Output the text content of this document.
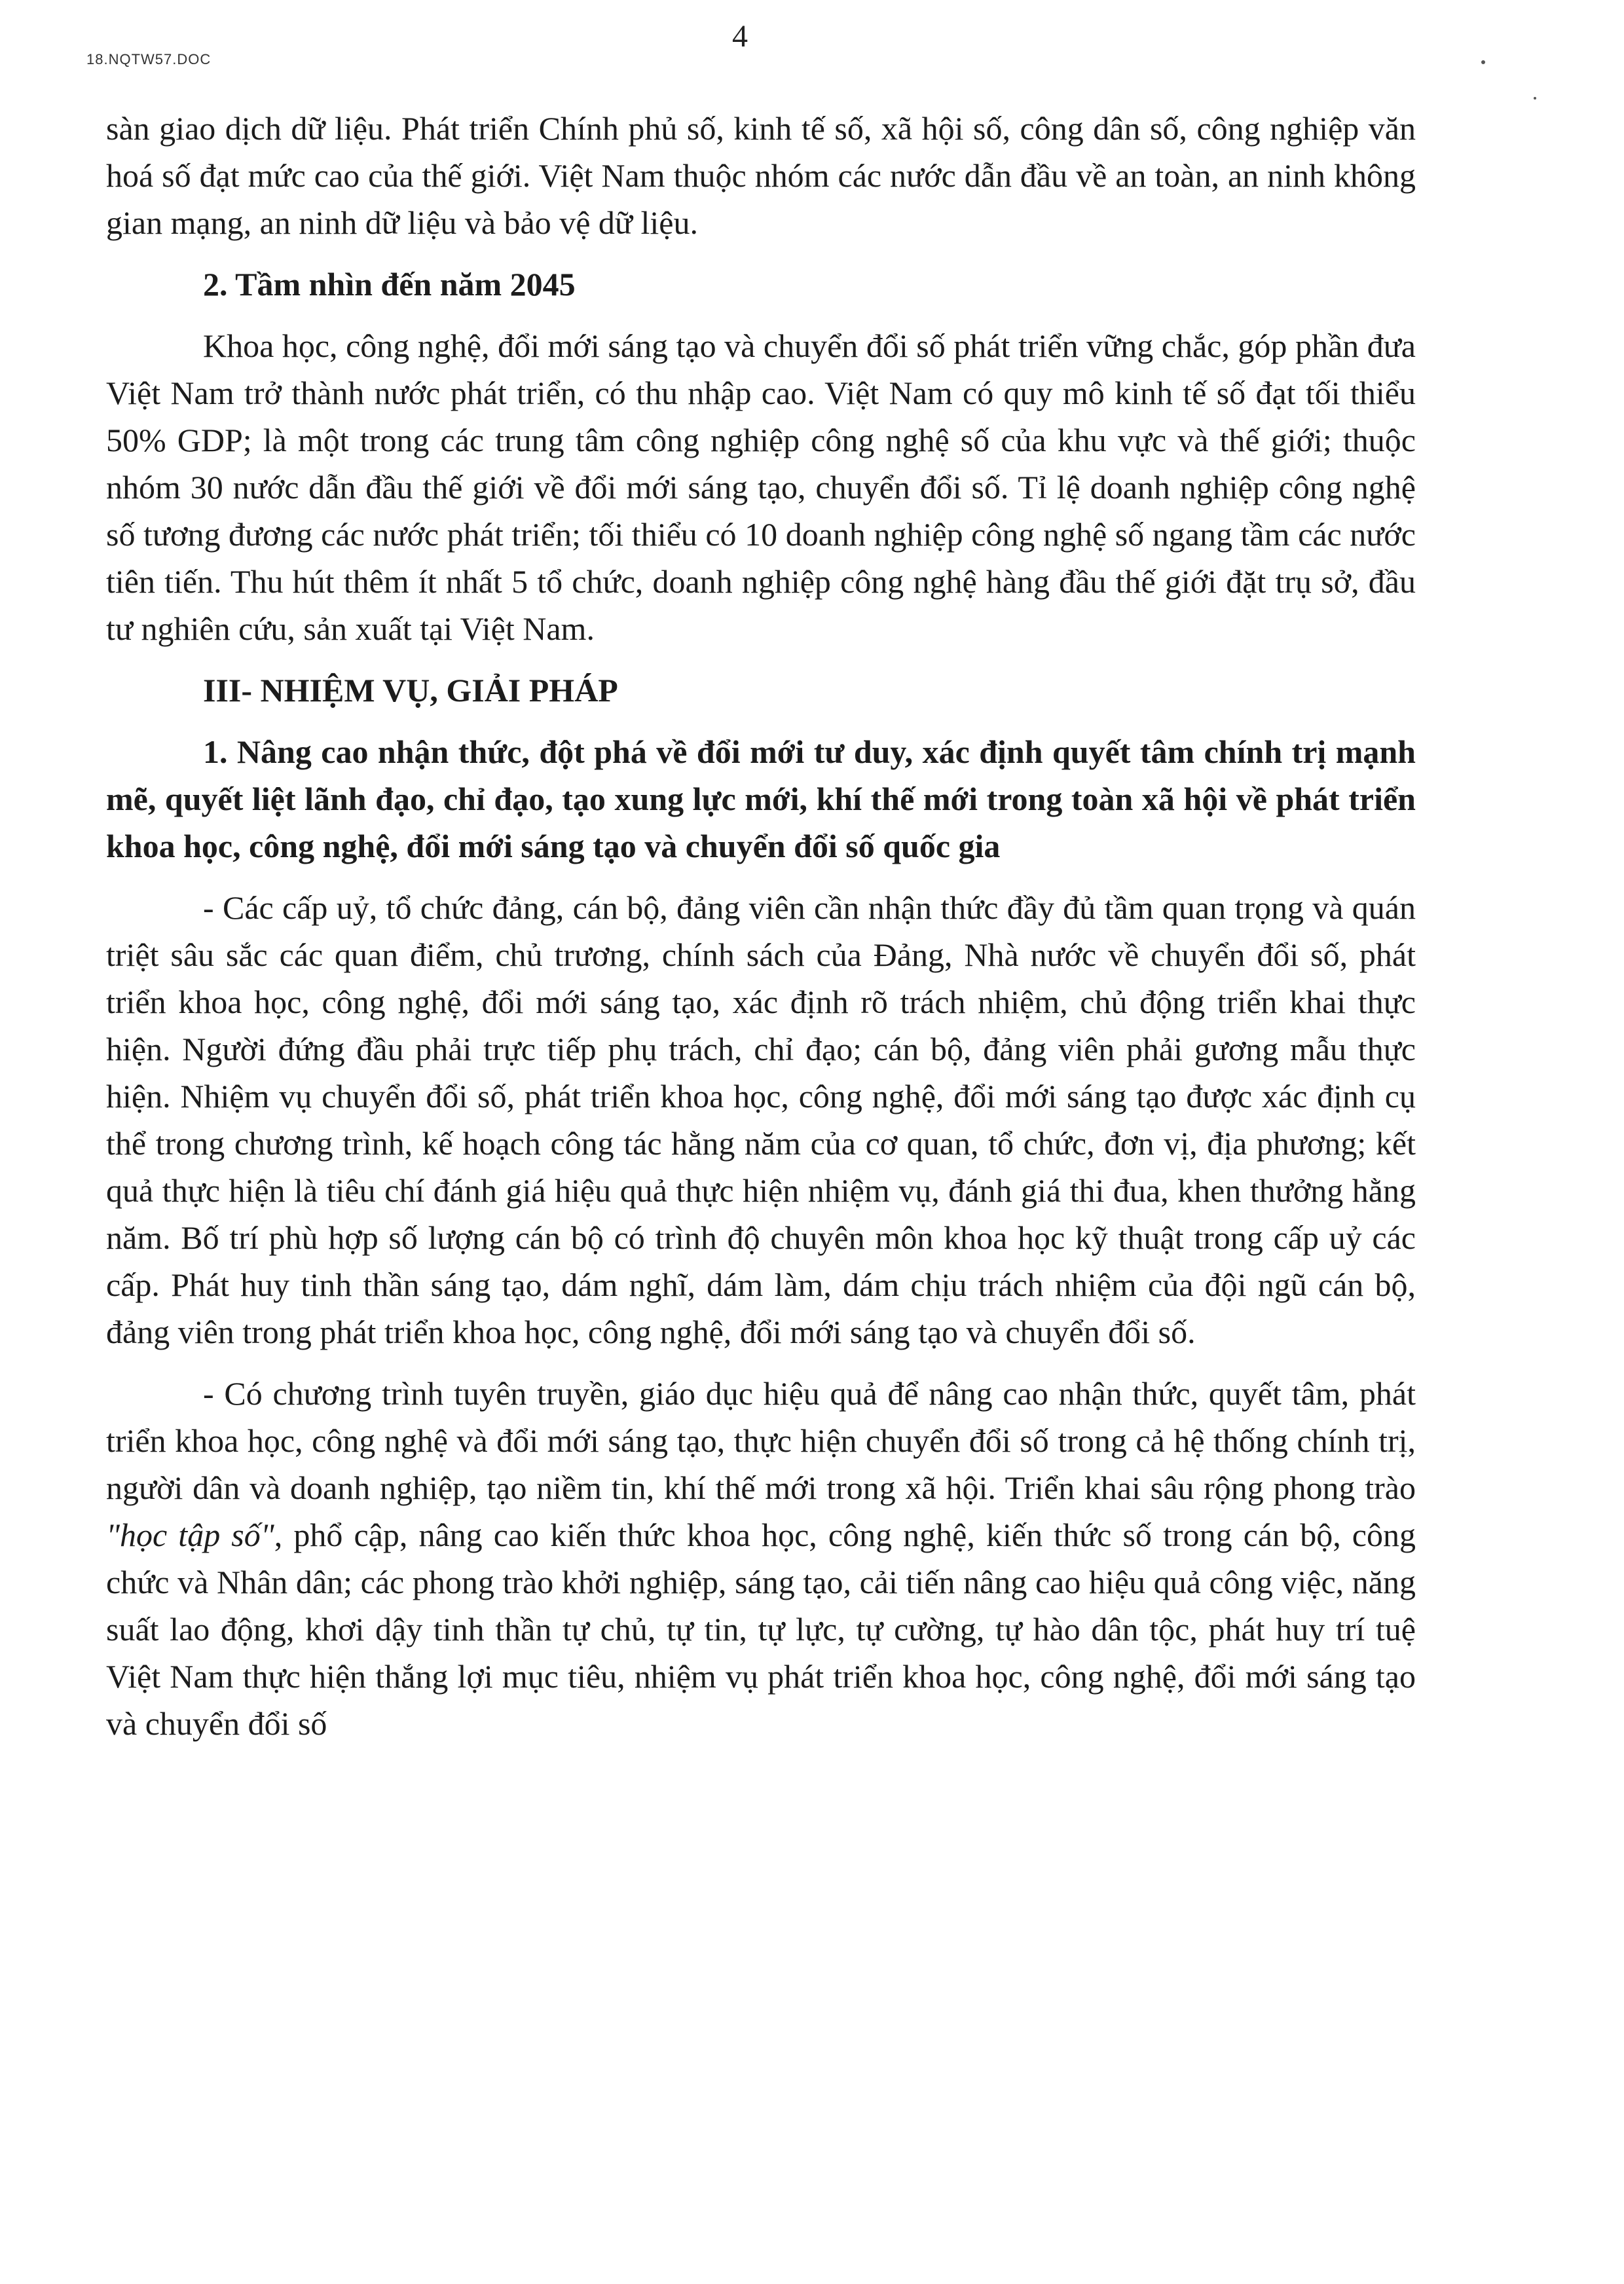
18.NQTW57.DOC
4

sàn giao dịch dữ liệu. Phát triển Chính phủ số, kinh tế số, xã hội số, công dân số, công nghiệp văn hoá số đạt mức cao của thế giới. Việt Nam thuộc nhóm các nước dẫn đầu về an toàn, an ninh không gian mạng, an ninh dữ liệu và bảo vệ dữ liệu.

2. Tầm nhìn đến năm 2045

Khoa học, công nghệ, đổi mới sáng tạo và chuyển đổi số phát triển vững chắc, góp phần đưa Việt Nam trở thành nước phát triển, có thu nhập cao. Việt Nam có quy mô kinh tế số đạt tối thiểu 50% GDP; là một trong các trung tâm công nghiệp công nghệ số của khu vực và thế giới; thuộc nhóm 30 nước dẫn đầu thế giới về đổi mới sáng tạo, chuyển đổi số. Tỉ lệ doanh nghiệp công nghệ số tương đương các nước phát triển; tối thiểu có 10 doanh nghiệp công nghệ số ngang tầm các nước tiên tiến. Thu hút thêm ít nhất 5 tổ chức, doanh nghiệp công nghệ hàng đầu thế giới đặt trụ sở, đầu tư nghiên cứu, sản xuất tại Việt Nam.

III- NHIỆM VỤ, GIẢI PHÁP

1. Nâng cao nhận thức, đột phá về đổi mới tư duy, xác định quyết tâm chính trị mạnh mẽ, quyết liệt lãnh đạo, chỉ đạo, tạo xung lực mới, khí thế mới trong toàn xã hội về phát triển khoa học, công nghệ, đổi mới sáng tạo và chuyển đổi số quốc gia

- Các cấp uỷ, tổ chức đảng, cán bộ, đảng viên cần nhận thức đầy đủ tầm quan trọng và quán triệt sâu sắc các quan điểm, chủ trương, chính sách của Đảng, Nhà nước về chuyển đổi số, phát triển khoa học, công nghệ, đổi mới sáng tạo, xác định rõ trách nhiệm, chủ động triển khai thực hiện. Người đứng đầu phải trực tiếp phụ trách, chỉ đạo; cán bộ, đảng viên phải gương mẫu thực hiện. Nhiệm vụ chuyển đổi số, phát triển khoa học, công nghệ, đổi mới sáng tạo được xác định cụ thể trong chương trình, kế hoạch công tác hằng năm của cơ quan, tổ chức, đơn vị, địa phương; kết quả thực hiện là tiêu chí đánh giá hiệu quả thực hiện nhiệm vụ, đánh giá thi đua, khen thưởng hằng năm. Bố trí phù hợp số lượng cán bộ có trình độ chuyên môn khoa học kỹ thuật trong cấp uỷ các cấp. Phát huy tinh thần sáng tạo, dám nghĩ, dám làm, dám chịu trách nhiệm của đội ngũ cán bộ, đảng viên trong phát triển khoa học, công nghệ, đổi mới sáng tạo và chuyển đổi số.

- Có chương trình tuyên truyền, giáo dục hiệu quả để nâng cao nhận thức, quyết tâm, phát triển khoa học, công nghệ và đổi mới sáng tạo, thực hiện chuyển đổi số trong cả hệ thống chính trị, người dân và doanh nghiệp, tạo niềm tin, khí thế mới trong xã hội. Triển khai sâu rộng phong trào "học tập số", phổ cập, nâng cao kiến thức khoa học, công nghệ, kiến thức số trong cán bộ, công chức và Nhân dân; các phong trào khởi nghiệp, sáng tạo, cải tiến nâng cao hiệu quả công việc, năng suất lao động, khơi dậy tinh thần tự chủ, tự tin, tự lực, tự cường, tự hào dân tộc, phát huy trí tuệ Việt Nam thực hiện thắng lợi mục tiêu, nhiệm vụ phát triển khoa học, công nghệ, đổi mới sáng tạo và chuyển đổi số
